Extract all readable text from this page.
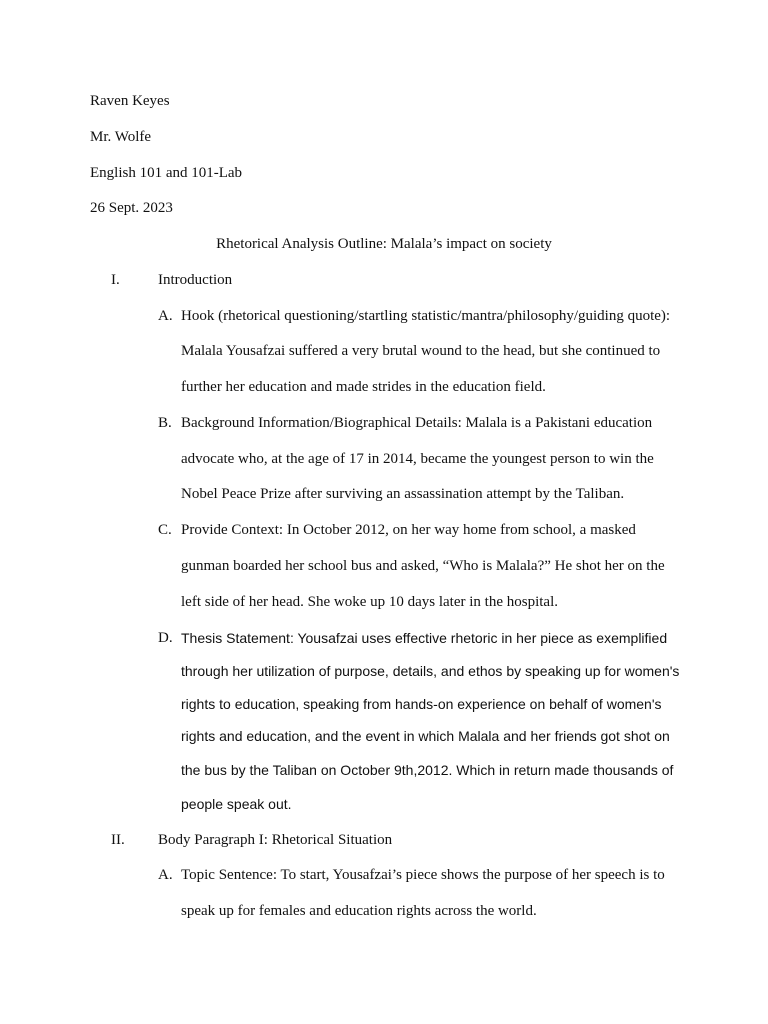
Raven Keyes
Mr. Wolfe
English 101 and 101-Lab
26 Sept. 2023
Rhetorical Analysis Outline: Malala’s impact on society
I.	Introduction
A. Hook (rhetorical questioning/startling statistic/mantra/philosophy/guiding quote):
Malala Yousafzai suffered a very brutal wound to the head, but she continued to
further her education and made strides in the education field.
B. Background Information/Biographical Details: Malala is a Pakistani education
advocate who, at the age of 17 in 2014, became the youngest person to win the
Nobel Peace Prize after surviving an assassination attempt by the Taliban.
C. Provide Context: In October 2012, on her way home from school, a masked
gunman boarded her school bus and asked, “Who is Malala?” He shot her on the
left side of her head. She woke up 10 days later in the hospital.
D. Thesis Statement: Yousafzai uses effective rhetoric in her piece as exemplified
through her utilization of purpose, details, and ethos by speaking up for women's
rights to education, speaking from hands-on experience on behalf of women's
rights and education, and the event in which Malala and her friends got shot on
the bus by the Taliban on October 9th,2012. Which in return made thousands of
people speak out.
II. Body Paragraph I: Rhetorical Situation
A. Topic Sentence: To start, Yousafzai’s piece shows the purpose of her speech is to
speak up for females and education rights across the world.
